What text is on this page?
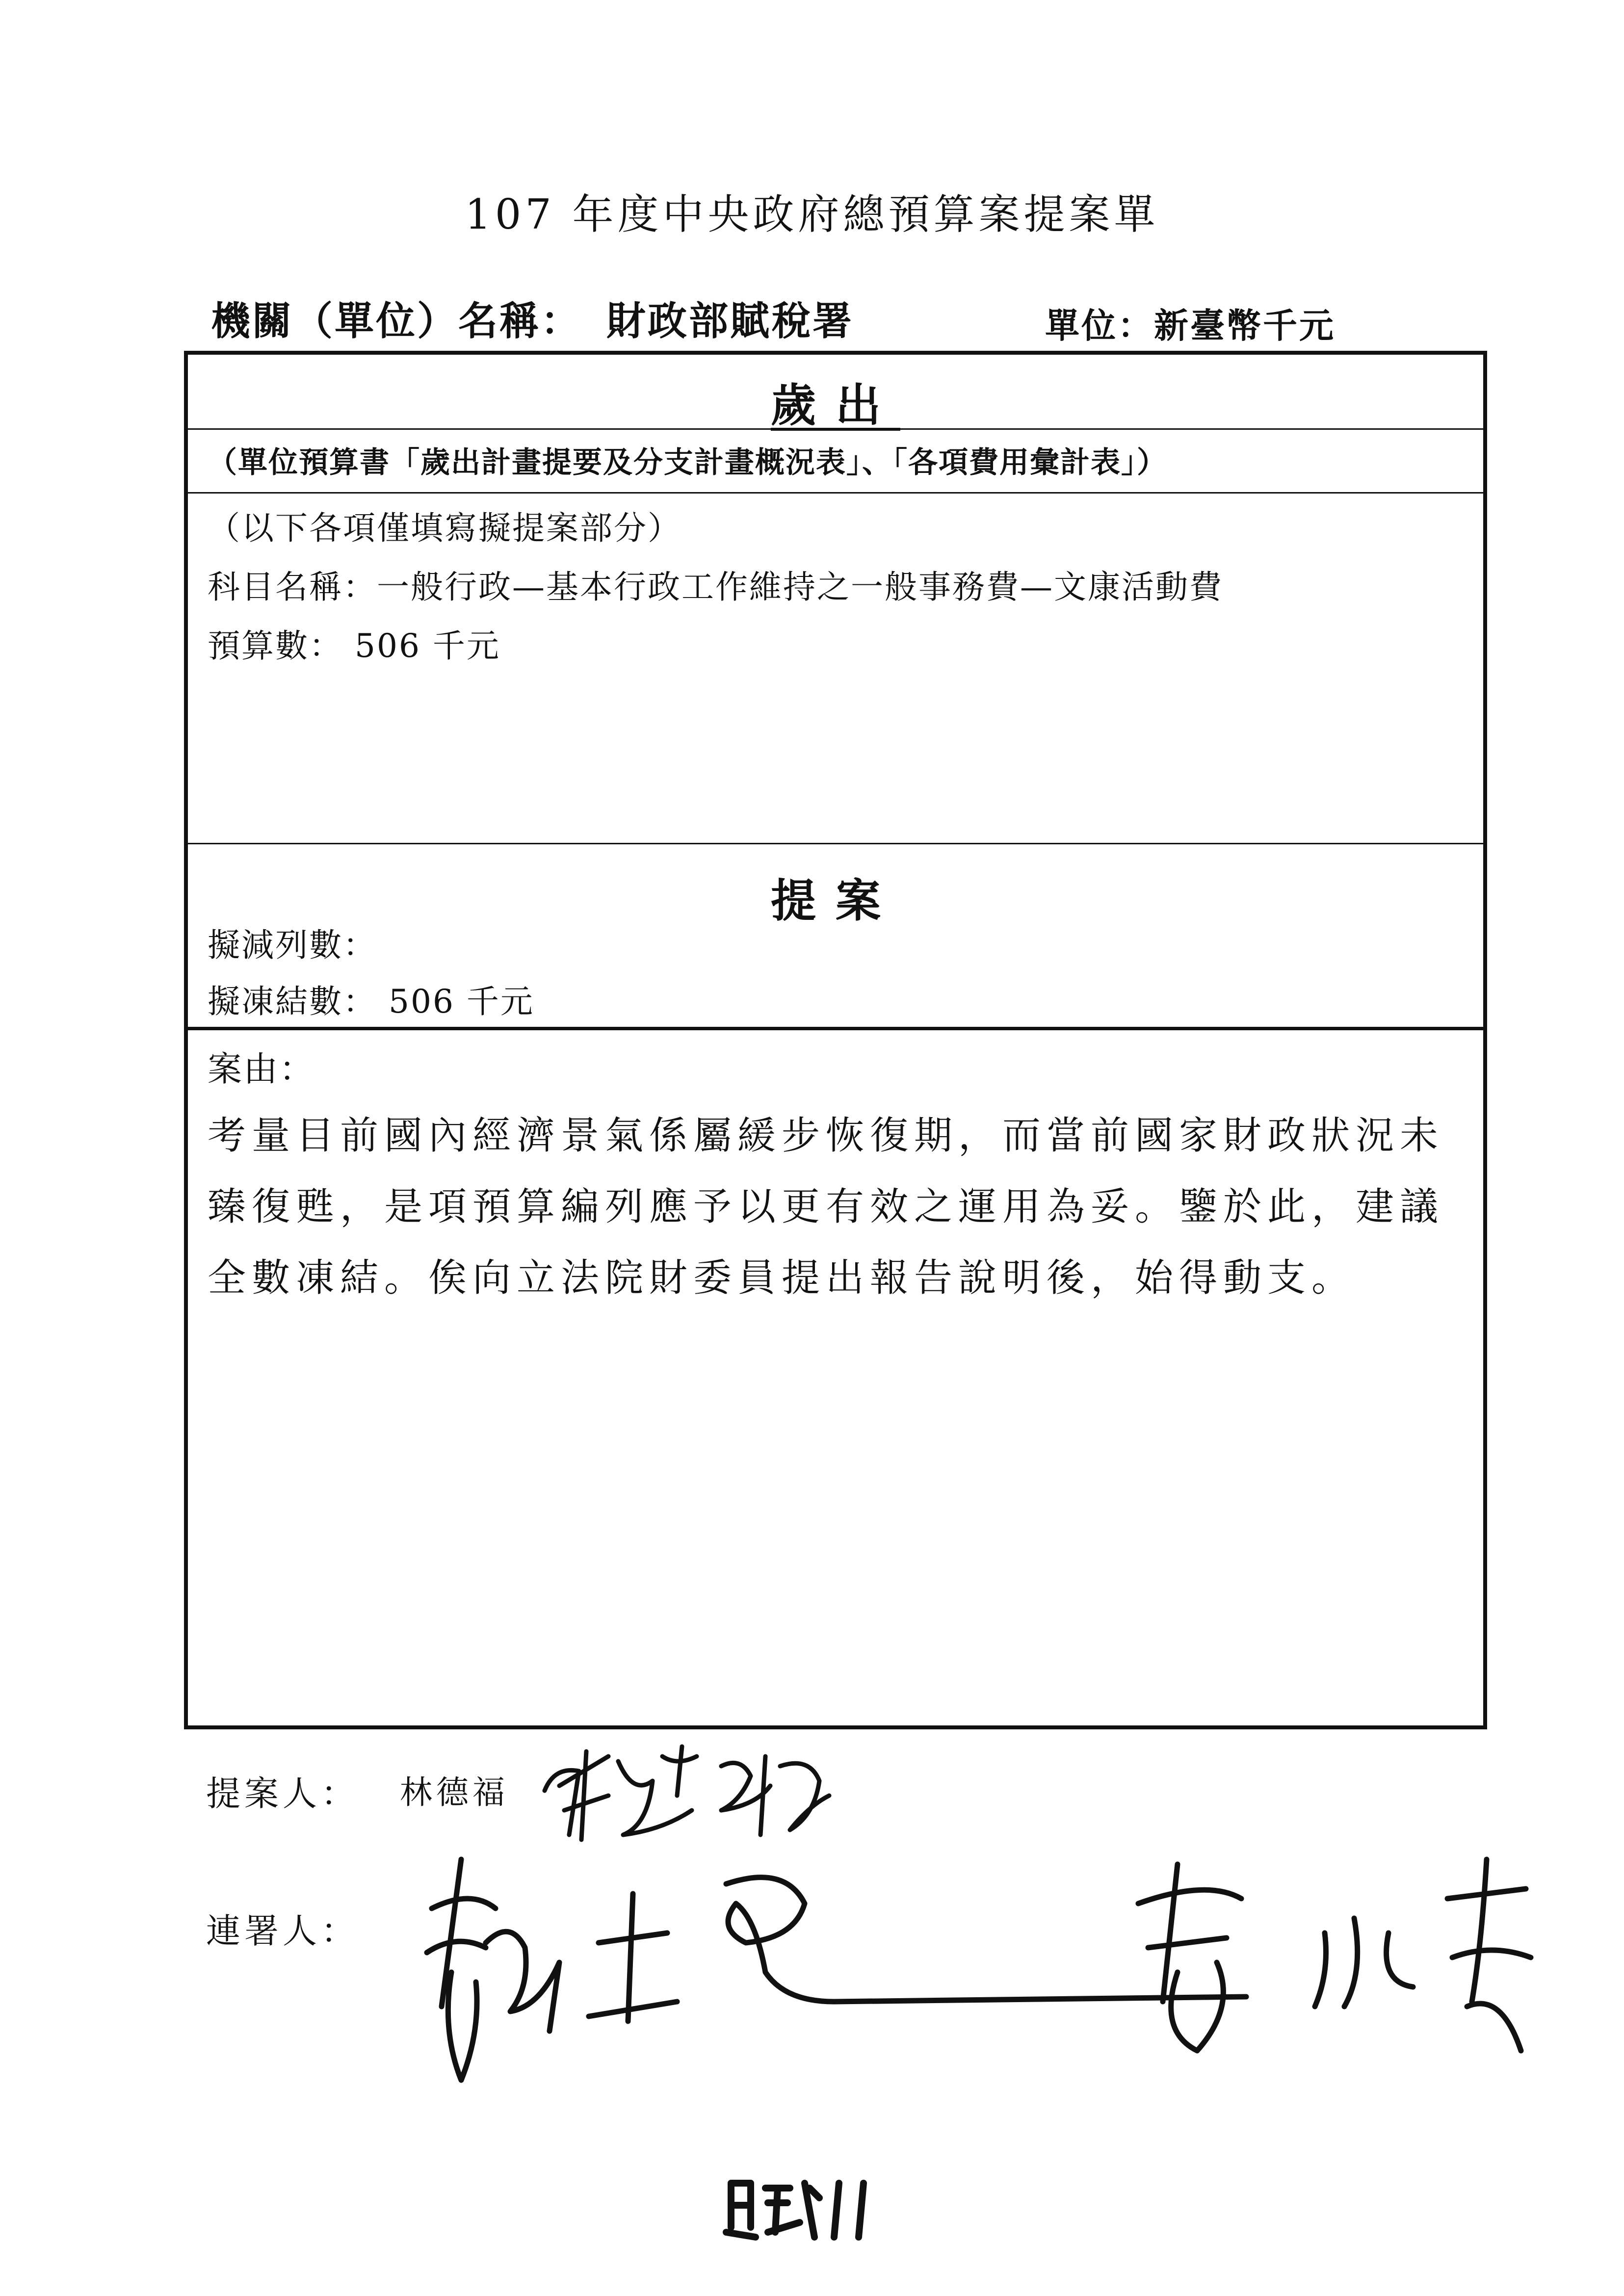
107 年度中央政府總預算案提案單
機關（單位）名稱： 財政部賦稅署	單位：新臺幣千元
歲出
（單位預算書「歲出計畫提要及分支計畫概況表」、「各項費用彙計表」）
（以下各項僅填寫擬提案部分）
科目名稱：一般行政—基本行政工作維持之一般事務費—文康活動費
預算數： 506 千元
提案
擬減列數：
擬凍結數： 506 千元
案由：
考量目前國內經濟景氣係屬緩步恢復期，而當前國家財政狀況未臻復甦，是項預算編列應予以更有效之運用為妥。鑒於此，建議全數凍結。俟向立法院財委員提出報告說明後，始得動支。
提案人： 林德福
連署人：
